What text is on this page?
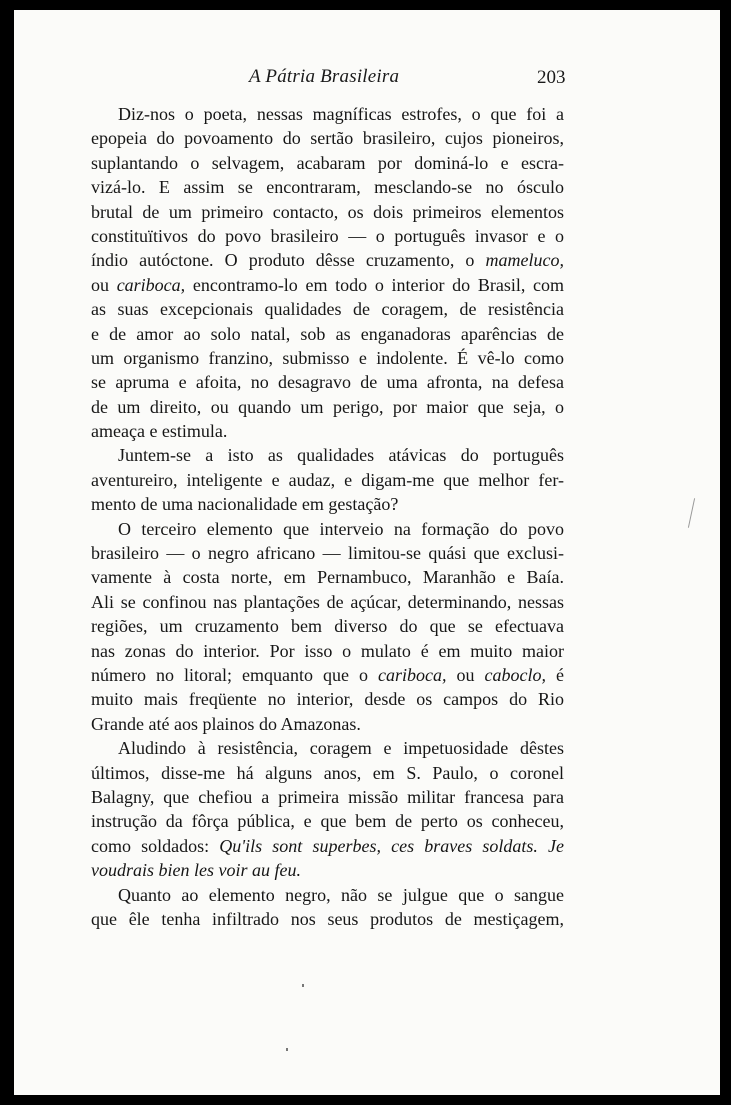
A Pátria Brasileira	203
Diz-nos o poeta, nessas magníficas estrofes, o que foi a
epopeia do povoamento do sertão brasileiro, cujos pioneiros,
suplantando o selvagem, acabaram por dominá-lo e escra-
vizá-lo. E assim se encontraram, mesclando-se no ósculo
brutal de um primeiro contacto, os dois primeiros elementos
constituïtivos do povo brasileiro — o português invasor e o
índio autóctone. O produto dêsse cruzamento, o mameluco,
ou cariboca, encontramo-lo em todo o interior do Brasil, com
as suas excepcionais qualidades de coragem, de resistência
e de amor ao solo natal, sob as enganadoras aparências de
um organismo franzino, submisso e indolente. É vê-lo como
se apruma e afoita, no desagravo de uma afronta, na defesa
de um direito, ou quando um perigo, por maior que seja, o
ameaça e estimula.
Juntem-se a isto as qualidades atávicas do português
aventureiro, inteligente e audaz, e digam-me que melhor fer-
mento de uma nacionalidade em gestação?
O terceiro elemento que interveio na formação do povo
brasileiro — o negro africano — limitou-se quási que exclusi-
vamente à costa norte, em Pernambuco, Maranhão e Baía.
Ali se confinou nas plantações de açúcar, determinando, nessas
regiões, um cruzamento bem diverso do que se efectuava
nas zonas do interior. Por isso o mulato é em muito maior
número no litoral; emquanto que o cariboca, ou caboclo, é
muito mais freqüente no interior, desde os campos do Rio
Grande até aos plainos do Amazonas.
Aludindo à resistência, coragem e impetuosidade dêstes
últimos, disse-me há alguns anos, em S. Paulo, o coronel
Balagny, que chefiou a primeira missão militar francesa para
instrução da fôrça pública, e que bem de perto os conheceu,
como soldados: Qu'ils sont superbes, ces braves soldats. Je
voudrais bien les voir au feu.
Quanto ao elemento negro, não se julgue que o sangue
que êle tenha infiltrado nos seus produtos de mestiçagem,
